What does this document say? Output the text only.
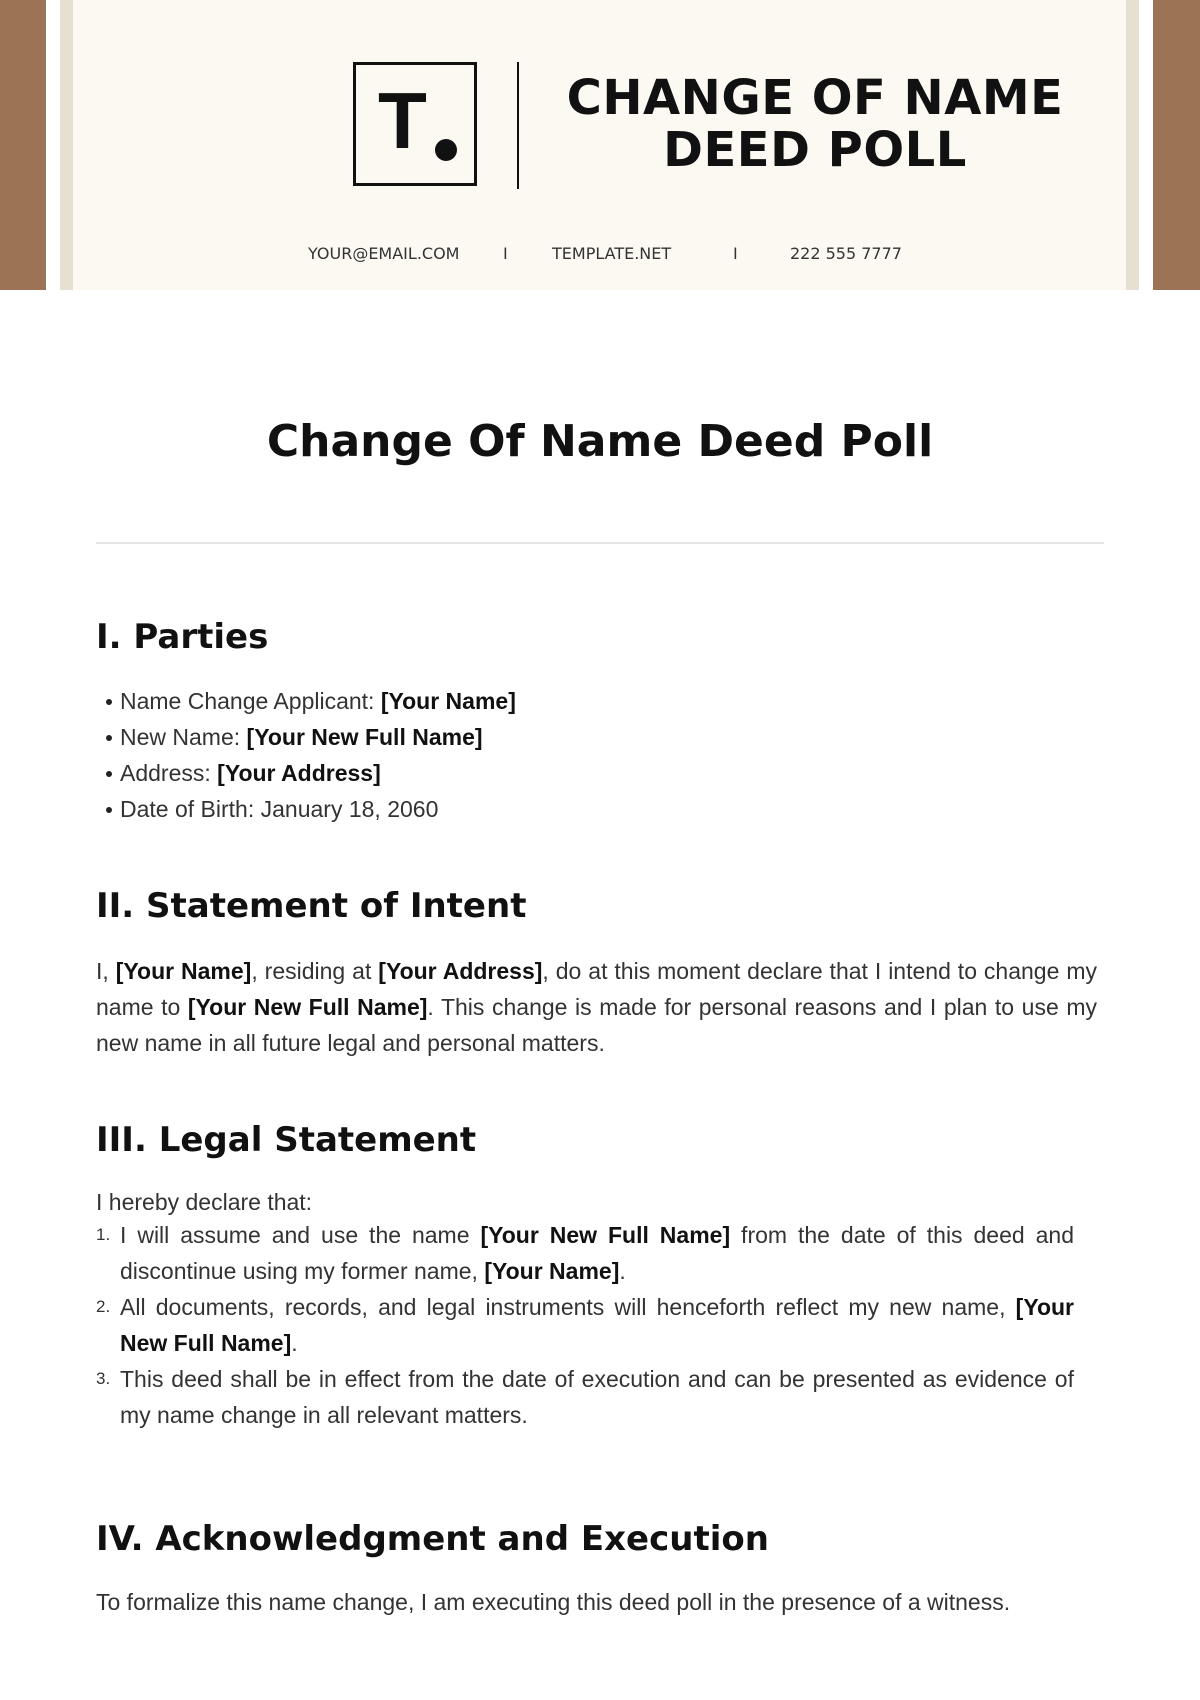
T	CHANGE OF NAME
DEED POLL
YOUR@EMAIL.COM	I	TEMPLATE.NET	I	222 555 7777
Change Of Name Deed Poll
I. Parties
Name Change Applicant: [Your Name]
New Name: [Your New Full Name]
Address: [Your Address]
Date of Birth: January 18, 2060
II. Statement of Intent

I, [Your Name], residing at [Your Address], do at this moment declare that I intend to change my name to [Your New Full Name]. This change is made for personal reasons and I plan to use my new name in all future legal and personal matters.

III. Legal Statement

I hereby declare that:

1. I will assume and use the name [Your New Full Name] from the date of this deed and discontinue using my former name, [Your Name].
2. All documents, records, and legal instruments will henceforth reflect my new name, [Your New Full Name].
3. This deed shall be in effect from the date of execution and can be presented as evidence of my name change in all relevant matters.
IV. Acknowledgment and Execution

To formalize this name change, I am executing this deed poll in the presence of a witness.
